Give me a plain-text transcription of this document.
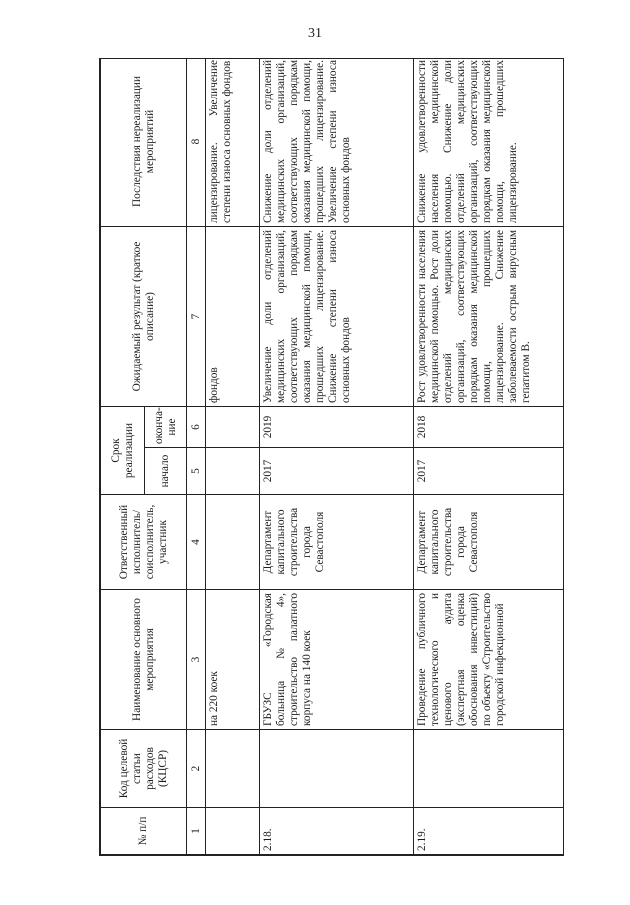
31
№ п/п	Код целевой статьи расходов (КЦСР)	Наименование основного мероприятия	Ответственный исполнитель/ соисполнитель, участник	Срок реализации		Ожидаемый результат (краткое описание)	Последствия нереализации мероприятий
				начало	оконча-ние		
1	2	3	4	5	6	7	8
		на 220 коек				фондов	лицензирование. Увеличение степени износа основных фондов
2.18.		ГБУЗС «Городская больница № 4», строительство палатного корпуса на 140 коек	Департамент капитального строительства города Севастополя	2017	2019	Увеличение доли отделений медицинских организаций, соответствующих порядкам оказания медицинской помощи, прошедших лицензирование. Снижение степени износа основных фондов	Снижение доли отделений медицинских организаций, соответствующих порядкам оказания медицинской помощи, прошедших лицензирование. Увеличение степени износа основных фондов
2.19.		Проведение публичного технологического и ценового аудита (экспертная оценка обоснования инвестиций) по объекту «Строительство городской инфекционной	Департамент капитального строительства города Севастополя	2017	2018	Рост удовлетворенности населения медицинской помощью. Рост доли отделений медицинских организаций, соответствующих порядкам оказания медицинской помощи, прошедших лицензирование. Снижение заболеваемости острым вирусным гепатитом В.	Снижение удовлетворенности населения медицинской помощью. Снижение доли отделений медицинских организаций, соответствующих порядкам оказания медицинской помощи, прошедших лицензирование.
